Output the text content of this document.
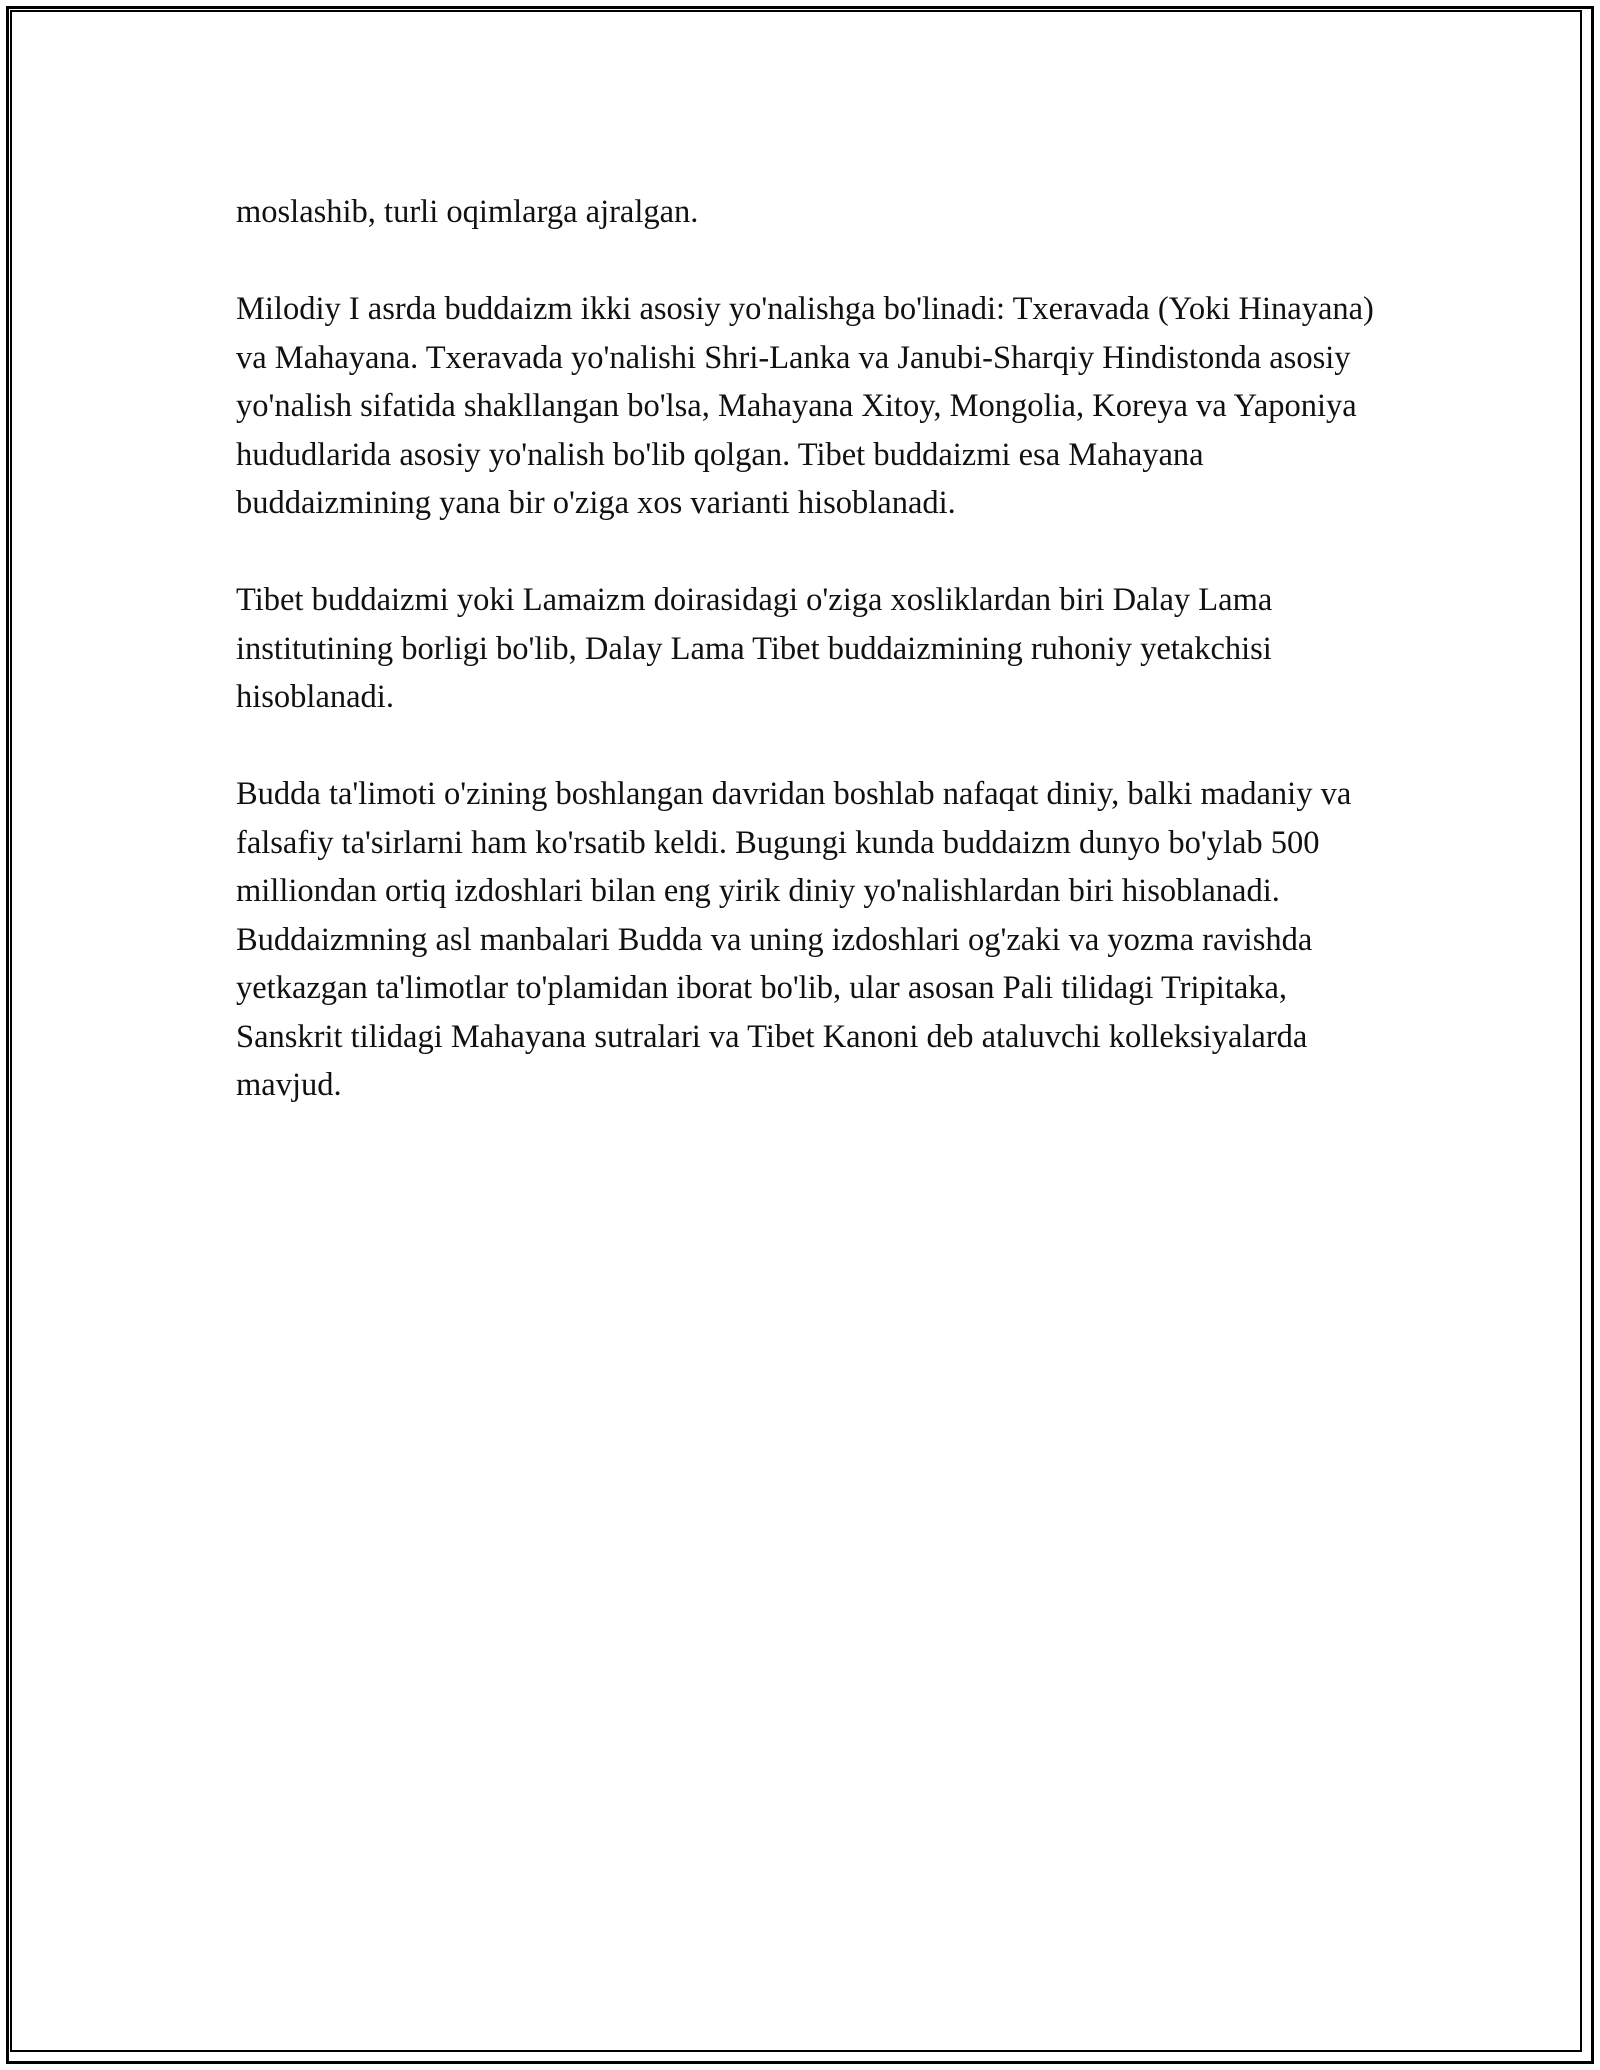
moslashib, turli oqimlarga ajralgan.

Milodiy I asrda buddaizm ikki asosiy yo'nalishga bo'linadi: Txeravada (Yoki Hinayana) va Mahayana. Txeravada yo'nalishi Shri-Lanka va Janubi-Sharqiy Hindistonda asosiy yo'nalish sifatida shakllangan bo'lsa, Mahayana Xitoy, Mongolia, Koreya va Yaponiya hududlarida asosiy yo'nalish bo'lib qolgan. Tibet buddaizmi esa Mahayana buddaizmining yana bir o'ziga xos varianti hisoblanadi.

Tibet buddaizmi yoki Lamaizm doirasidagi o'ziga xosliklardan biri Dalay Lama institutining borligi bo'lib, Dalay Lama Tibet buddaizmining ruhoniy yetakchisi hisoblanadi.

Budda ta'limoti o'zining boshlangan davridan boshlab nafaqat diniy, balki madaniy va falsafiy ta'sirlarni ham ko'rsatib keldi. Bugungi kunda buddaizm dunyo bo'ylab 500 milliondan ortiq izdoshlari bilan eng yirik diniy yo'nalishlardan biri hisoblanadi. Buddaizmning asl manbalari Budda va uning izdoshlari og'zaki va yozma ravishda yetkazgan ta'limotlar to'plamidan iborat bo'lib, ular asosan Pali tilidagi Tripitaka, Sanskrit tilidagi Mahayana sutralari va Tibet Kanoni deb ataluvchi kolleksiyalarda mavjud.
